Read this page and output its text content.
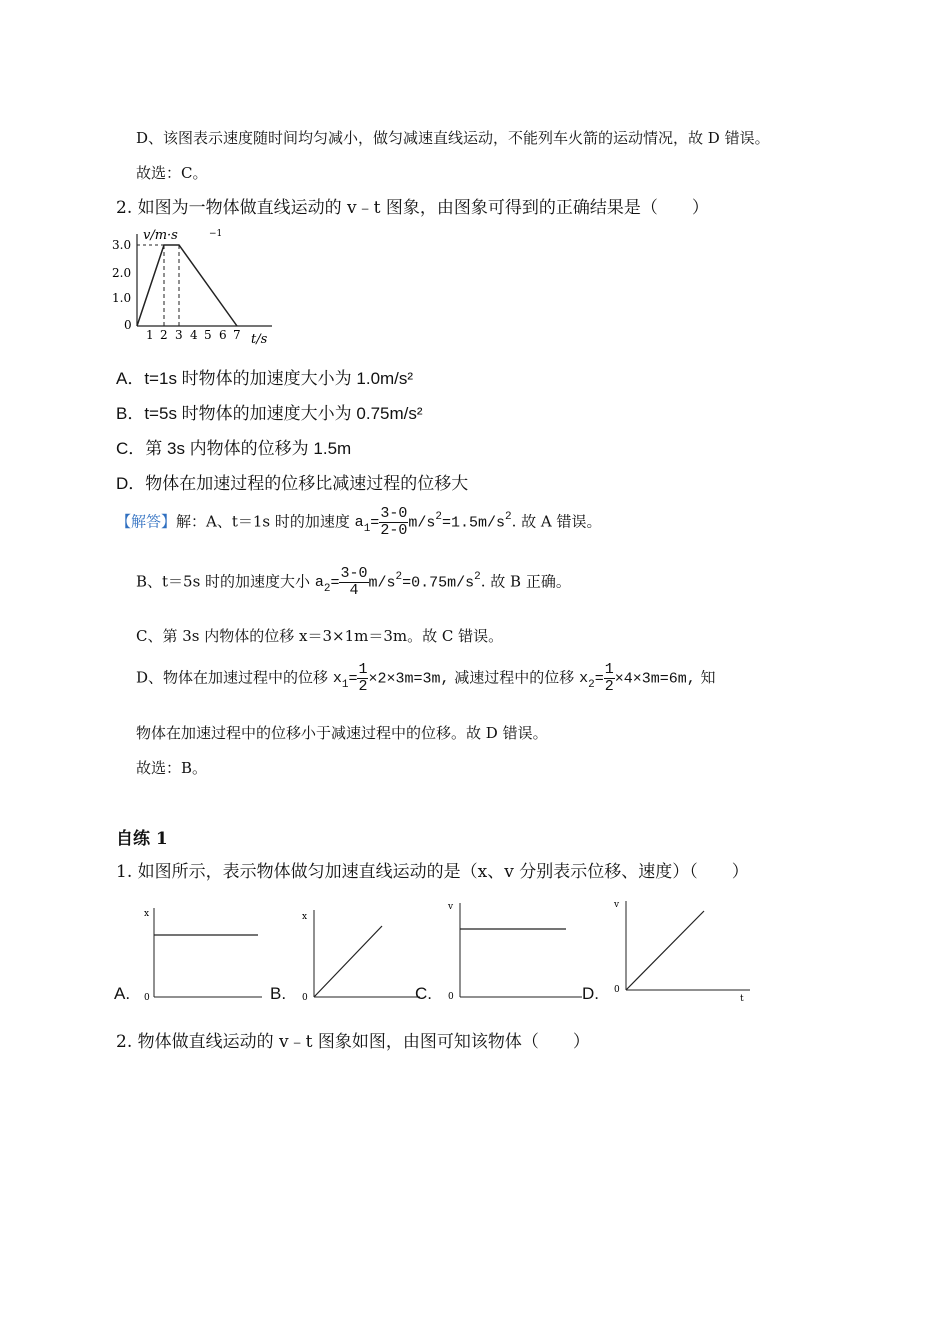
D、该图表示速度随时间均匀减小，做匀减速直线运动，不能列车火箭的运动情况，故 D 错误。
故选：C。
2. 如图为一物体做直线运动的 v﹣t 图象，由图象可得到的正确结果是（　　）
v/m·s	−1
3.0
2.0
1.0
0
1 2 3 4 5 6 7 t/s
A．t=1s 时物体的加速度大小为 1.0m/s²
B．t=5s 时物体的加速度大小为 0.75m/s²
C．第 3s 内物体的位移为 1.5m
D．物体在加速过程的位移比减速过程的位移大
【解答】解：A、t＝1s 时的加速度 $a_1= \frac{3-0}{2-0} m/s^2=1.5m/s^2$. 故 A 错误。
B、t＝5s 时的加速度大小 $a_2= \frac{3-0}{4} m/s^2=0.75m/s^2$. 故 B 正确。
C、第 3s 内物体的位移 x＝3×1m＝3m。故 C 错误。
D、物体在加速过程中的位移 $x_1= \frac{1}{2} \times 2\times 3m=3m$, 减速过程中的位移 $x_2= \frac{1}{2} \times 4\times 3m=6m$, 知
物体在加速过程中的位移小于减速过程中的位移。故 D 错误。
故选：B。
自练 1
1. 如图所示，表示物体做匀加速直线运动的是（x、v 分别表示位移、速度）（　　）
x
0
A.
x
0
B.
v
0
C.
v
0
t
D.
2. 物体做直线运动的 v﹣t 图象如图，由图可知该物体（　　）
